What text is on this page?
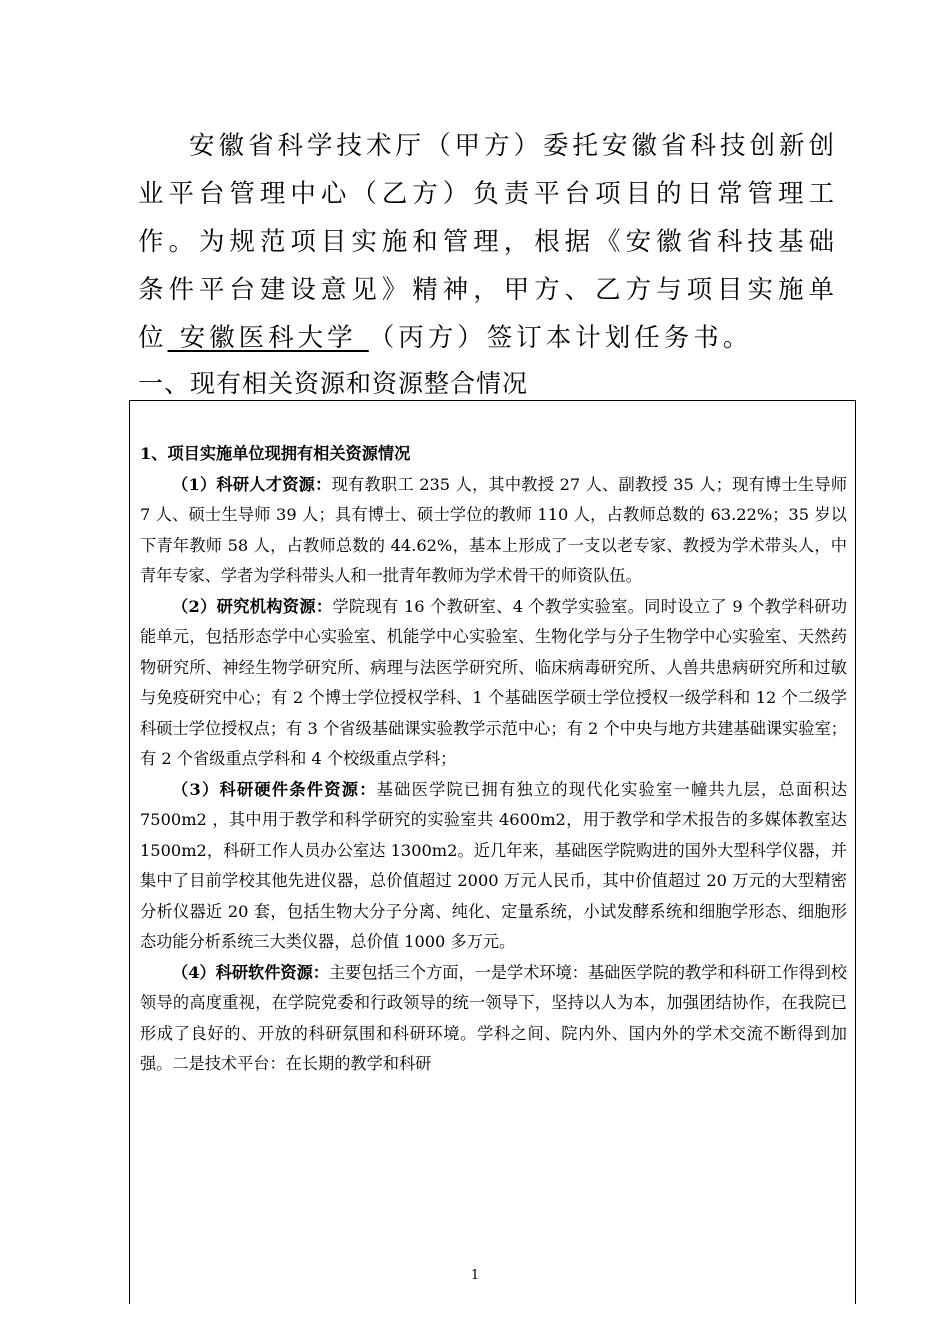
安徽省科学技术厅（甲方）委托安徽省科技创新创业平台管理中心（乙方）负责平台项目的日常管理工作。为规范项目实施和管理，根据《安徽省科技基础条件平台建设意见》精神，甲方、乙方与项目实施单位 安徽医科大学 （丙方）签订本计划任务书。

一、现有相关资源和资源整合情况

1、项目实施单位现拥有相关资源情况

（1）科研人才资源：现有教职工 235 人，其中教授 27 人、副教授 35 人；现有博士生导师 7 人、硕士生导师 39 人；具有博士、硕士学位的教师 110 人，占教师总数的 63.22%；35 岁以下青年教师 58 人，占教师总数的 44.62%，基本上形成了一支以老专家、教授为学术带头人，中青年专家、学者为学科带头人和一批青年教师为学术骨干的师资队伍。

（2）研究机构资源：学院现有 16 个教研室、4 个教学实验室。同时设立了 9 个教学科研功能单元，包括形态学中心实验室、机能学中心实验室、生物化学与分子生物学中心实验室、天然药物研究所、神经生物学研究所、病理与法医学研究所、临床病毒研究所、人兽共患病研究所和过敏与免疫研究中心；有 2 个博士学位授权学科、1 个基础医学硕士学位授权一级学科和 12 个二级学科硕士学位授权点；有 3 个省级基础课实验教学示范中心；有 2 个中央与地方共建基础课实验室；有 2 个省级重点学科和 4 个校级重点学科；

（3）科研硬件条件资源：基础医学院已拥有独立的现代化实验室一幢共九层，总面积达 7500m2 ，其中用于教学和科学研究的实验室共 4600m2，用于教学和学术报告的多媒体教室达 1500m2，科研工作人员办公室达 1300m2。近几年来，基础医学院购进的国外大型科学仪器，并集中了目前学校其他先进仪器，总价值超过 2000 万元人民币，其中价值超过 20 万元的大型精密分析仪器近 20 套，包括生物大分子分离、纯化、定量系统，小试发酵系统和细胞学形态、细胞形态功能分析系统三大类仪器，总价值 1000 多万元。

（4）科研软件资源：主要包括三个方面，一是学术环境：基础医学院的教学和科研工作得到校领导的高度重视，在学院党委和行政领导的统一领导下，坚持以人为本，加强团结协作，在我院已形成了良好的、开放的科研氛围和科研环境。学科之间、院内外、国内外的学术交流不断得到加强。二是技术平台：在长期的教学和科研

1
